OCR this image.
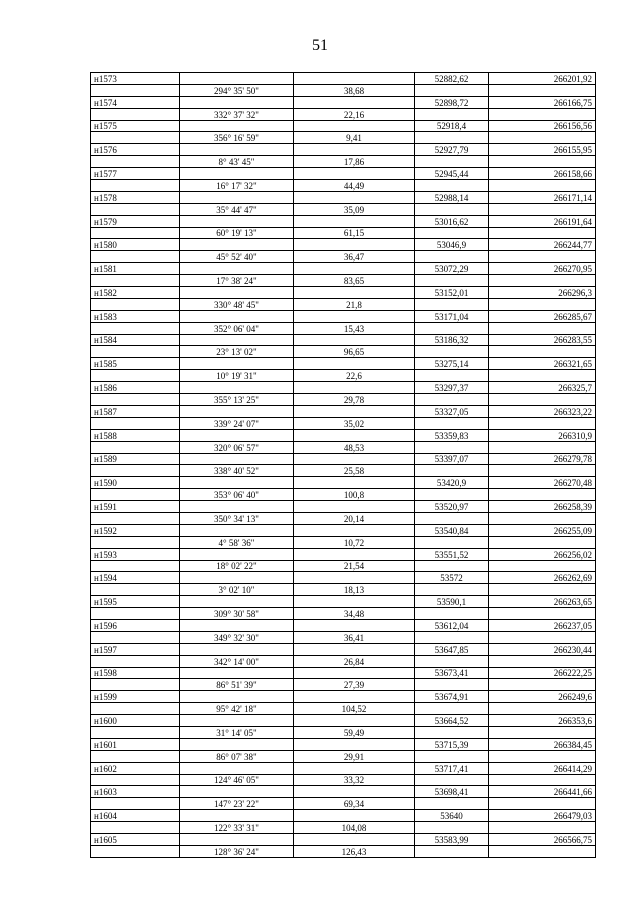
51
н1573			52882,62	266201,92
	294° 35' 50"	38,68		
н1574			52898,72	266166,75
	332° 37' 32"	22,16		
н1575			52918,4	266156,56
	356° 16' 59"	9,41		
н1576			52927,79	266155,95
	8° 43' 45"	17,86		
н1577			52945,44	266158,66
	16° 17' 32"	44,49		
н1578			52988,14	266171,14
	35° 44' 47"	35,09		
н1579			53016,62	266191,64
	60° 19' 13"	61,15		
н1580			53046,9	266244,77
	45° 52' 40"	36,47		
н1581			53072,29	266270,95
	17° 38' 24"	83,65		
н1582			53152,01	266296,3
	330° 48' 45"	21,8		
н1583			53171,04	266285,67
	352° 06' 04"	15,43		
н1584			53186,32	266283,55
	23° 13' 02"	96,65		
н1585			53275,14	266321,65
	10° 19' 31"	22,6		
н1586			53297,37	266325,7
	355° 13' 25"	29,78		
н1587			53327,05	266323,22
	339° 24' 07"	35,02		
н1588			53359,83	266310,9
	320° 06' 57"	48,53		
н1589			53397,07	266279,78
	338° 40' 52"	25,58		
н1590			53420,9	266270,48
	353° 06' 40"	100,8		
н1591			53520,97	266258,39
	350° 34' 13"	20,14		
н1592			53540,84	266255,09
	4° 58' 36"	10,72		
н1593			53551,52	266256,02
	18° 02' 22"	21,54		
н1594			53572	266262,69
	3° 02' 10"	18,13		
н1595			53590,1	266263,65
	309° 30' 58"	34,48		
н1596			53612,04	266237,05
	349° 32' 30"	36,41		
н1597			53647,85	266230,44
	342° 14' 00"	26,84		
н1598			53673,41	266222,25
	86° 51' 39"	27,39		
н1599			53674,91	266249,6
	95° 42' 18"	104,52		
н1600			53664,52	266353,6
	31° 14' 05"	59,49		
н1601			53715,39	266384,45
	86° 07' 38"	29,91		
н1602			53717,41	266414,29
	124° 46' 05"	33,32		
н1603			53698,41	266441,66
	147° 23' 22"	69,34		
н1604			53640	266479,03
	122° 33' 31"	104,08		
н1605			53583,99	266566,75
	128° 36' 24"	126,43		
